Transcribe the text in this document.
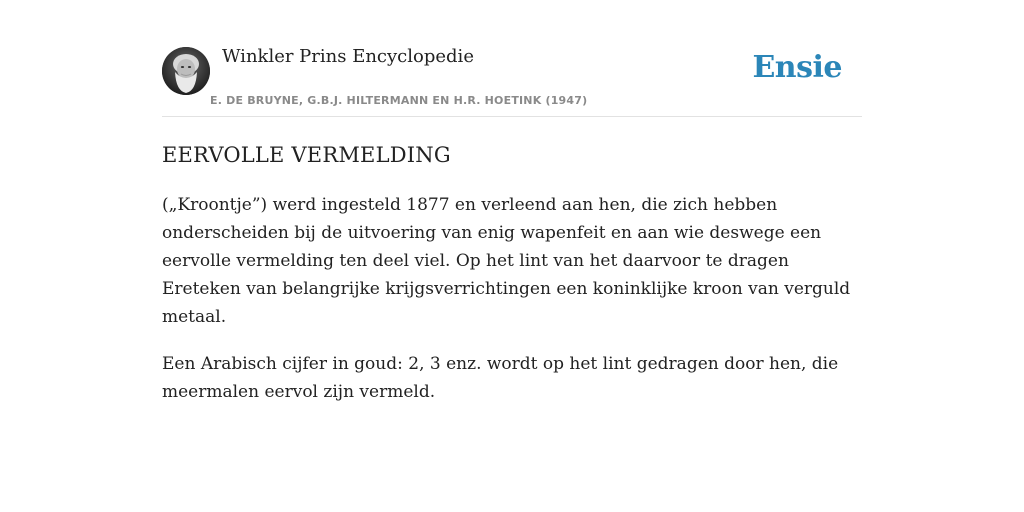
Winkler Prins Encyclopedie
E. DE BRUYNE, G.B.J. HILTERMANN EN H.R. HOETINK (1947)
Ensie
EERVOLLE VERMELDING

(„Kroontje”) werd ingesteld 1877 en verleend aan hen, die zich hebben onderscheiden bij de uitvoering van enig wapenfeit en aan wie deswege een eervolle vermelding ten deel viel. Op het lint van het daarvoor te dragen Ereteken van belangrijke krijgsverrichtingen een koninklijke kroon van verguld metaal.

Een Arabisch cijfer in goud: 2, 3 enz. wordt op het lint gedragen door hen, die meermalen eervol zijn vermeld.
